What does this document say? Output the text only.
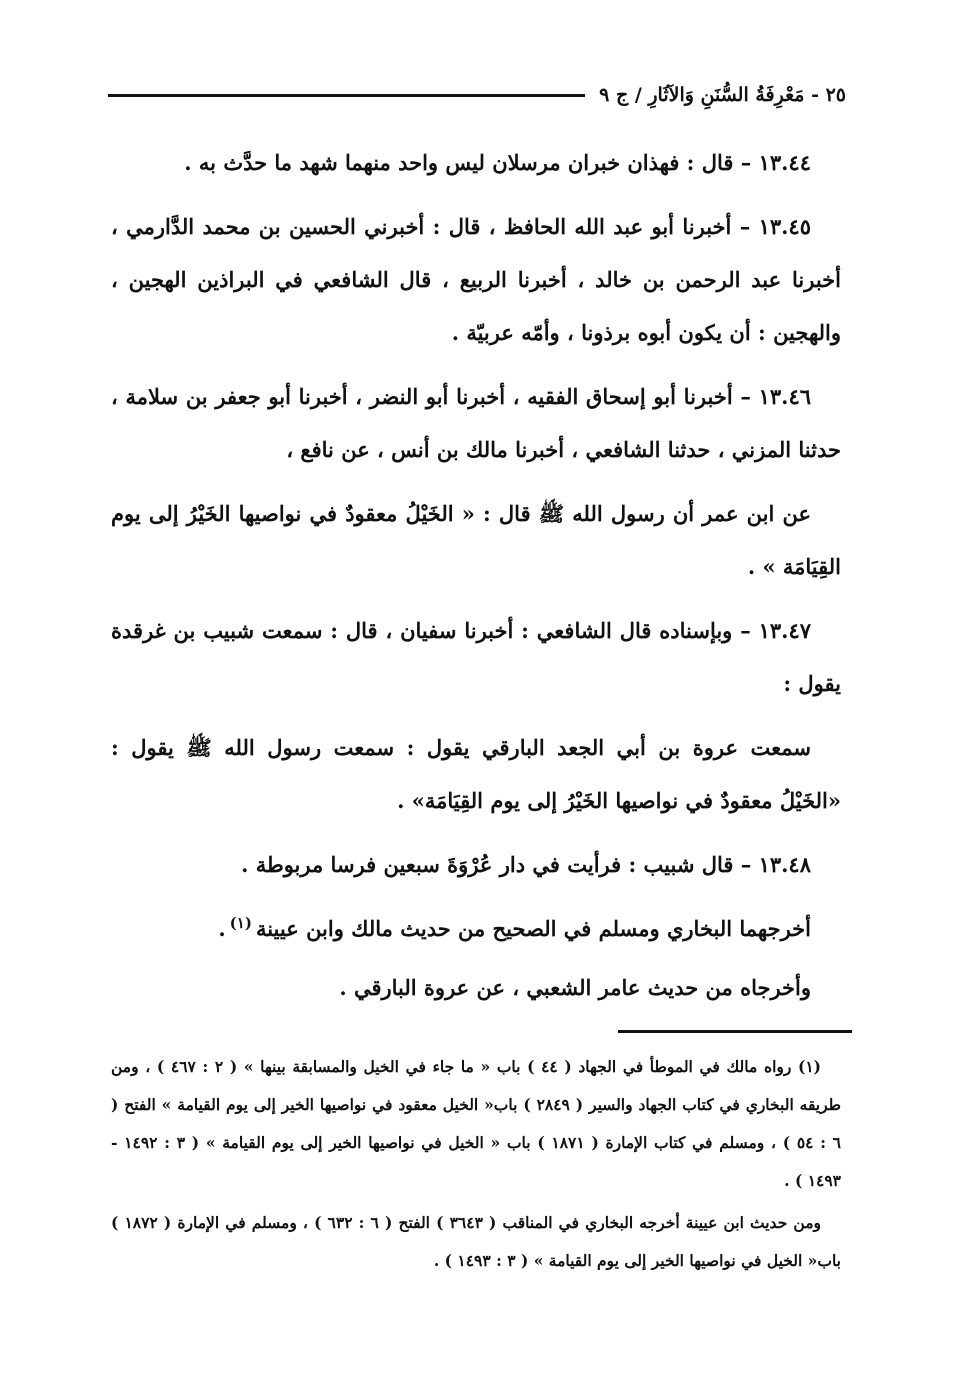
٢٥ - مَعْرِفَةُ السُّنَنِ وَالآثَارِ / ج ٩

١٣.٤٤ – قال : فهذان خبران مرسلان ليس واحد منهما شهد ما حدَّث به .

١٣.٤٥ – أخبرنا أبو عبد الله الحافظ ، قال : أخبرني الحسين بن محمد الدَّارمي ، أخبرنا عبد الرحمن بن خالد ، أخبرنا الربيع ، قال الشافعي في البراذين الهجين ، والهجين : أن يكون أبوه برذونا ، وأمّه عربيّة .

١٣.٤٦ – أخبرنا أبو إسحاق الفقيه ، أخبرنا أبو النضر ، أخبرنا أبو جعفر بن سلامة ، حدثنا المزني ، حدثنا الشافعي ، أخبرنا مالك بن أنس ، عن نافع ،

عن ابن عمر أن رسول الله ﷺ قال : « الخَيْلُ معقودٌ في نواصيها الخَيْرُ إلى يوم القِيَامَة » .

١٣.٤٧ – وبإسناده قال الشافعي : أخبرنا سفيان ، قال : سمعت شبيب بن غرقدة يقول :

سمعت عروة بن أبي الجعد البارقي يقول : سمعت رسول الله ﷺ يقول : «الخَيْلُ معقودٌ في نواصيها الخَيْرُ إلى يوم القِيَامَة» .

١٣.٤٨ – قال شبيب : فرأيت في دار عُرْوَةَ سبعين فرسا مربوطة .

أخرجهما البخاري ومسلم في الصحيح من حديث مالك وابن عيينة$^{(١)}$.

وأخرجاه من حديث عامر الشعبي ، عن عروة البارقي .

(١) رواه مالك في الموطأ في الجهاد ( ٤٤ ) باب « ما جاء في الخيل والمسابقة بينها » ( ٢ : ٤٦٧ ) ، ومن طريقه البخاري في كتاب الجهاد والسير ( ٢٨٤٩ ) باب« الخيل معقود في نواصيها الخير إلى يوم القيامة » الفتح ( ٦ : ٥٤ ) ، ومسلم في كتاب الإمارة ( ١٨٧١ ) باب « الخيل في نواصيها الخير إلى يوم القيامة » ( ٣ : ١٤٩٢ - ١٤٩٣ ) .

ومن حديث ابن عيينة أخرجه البخاري في المناقب ( ٣٦٤٣ ) الفتح ( ٦ : ٦٣٢ ) ، ومسلم في الإمارة ( ١٨٧٢ ) باب« الخيل في نواصيها الخير إلى يوم القيامة » ( ٣ : ١٤٩٣ ) .
